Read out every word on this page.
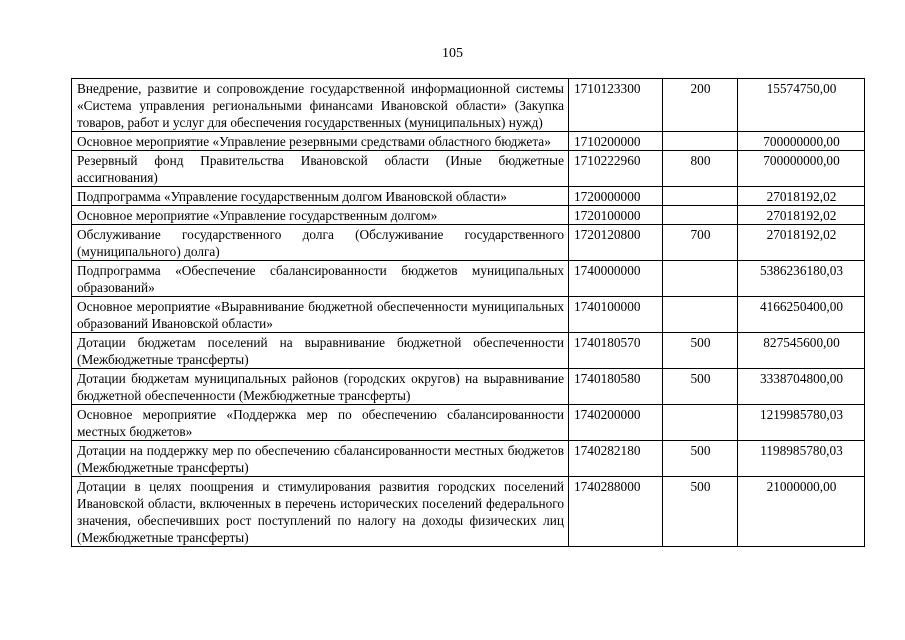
105
Внедрение, развитие и сопровождение государственной информационной системы «Система управления региональными финансами Ивановской области» (Закупка товаров, работ и услуг для обеспечения государственных (муниципальных) нужд)	1710123300	200	15574750,00
Основное мероприятие «Управление резервными средствами областного бюджета»	1710200000		700000000,00
Резервный фонд Правительства Ивановской области (Иные бюджетные ассигнования)	1710222960	800	700000000,00
Подпрограмма «Управление государственным долгом Ивановской области»	1720000000		27018192,02
Основное мероприятие «Управление государственным долгом»	1720100000		27018192,02
Обслуживание государственного долга (Обслуживание государственного (муниципального) долга)	1720120800	700	27018192,02
Подпрограмма «Обеспечение сбалансированности бюджетов муниципальных образований»	1740000000		5386236180,03
Основное мероприятие «Выравнивание бюджетной обеспеченности муниципальных образований Ивановской области»	1740100000		4166250400,00
Дотации бюджетам поселений на выравнивание бюджетной обеспеченности (Межбюджетные трансферты)	1740180570	500	827545600,00
Дотации бюджетам муниципальных районов (городских округов) на выравнивание бюджетной обеспеченности (Межбюджетные трансферты)	1740180580	500	3338704800,00
Основное мероприятие «Поддержка мер по обеспечению сбалансированности местных бюджетов»	1740200000		1219985780,03
Дотации на поддержку мер по обеспечению сбалансированности местных бюджетов (Межбюджетные трансферты)	1740282180	500	1198985780,03
Дотации в целях поощрения и стимулирования развития городских поселений Ивановской области, включенных в перечень исторических поселений федерального значения, обеспечивших рост поступлений по налогу на доходы физических лиц (Межбюджетные трансферты)	1740288000	500	21000000,00
